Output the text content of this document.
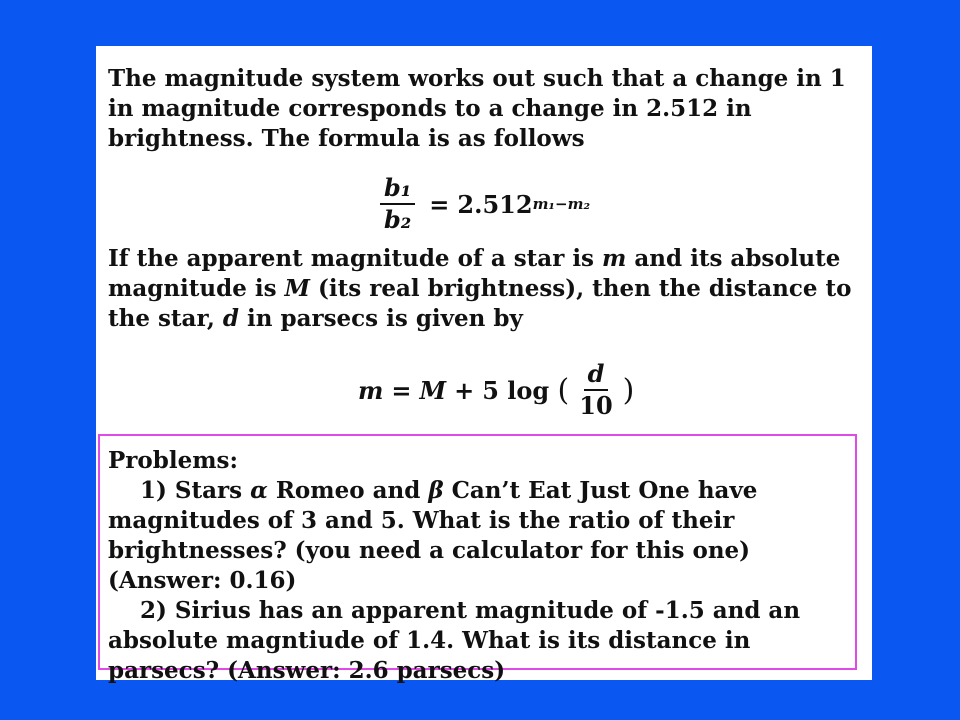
The magnitude system works out such that a change in 1 in magnitude corresponds to a change in 2.512 in brightness. The formula is as follows

$\frac{\text{b₁}}{\text{b₂}} = 2.512$ m₁−m₂

If the apparent magnitude of a star is m and its absolute magnitude is M (its real brightness), then the distance to the star, d in parsecs is given by

m = M + 5
log
( $\frac{d}{10}$ )

Problems:

1) Stars α Romeo and β Can’t Eat Just One have magnitudes of 3 and 5. What is the ratio of their brightnesses? (you need a calculator for this one) (Answer: 0.16)

2) Sirius has an apparent magnitude of -1.5 and an absolute magntiude of 1.4. What is its distance in parsecs? (Answer: 2.6 parsecs)
